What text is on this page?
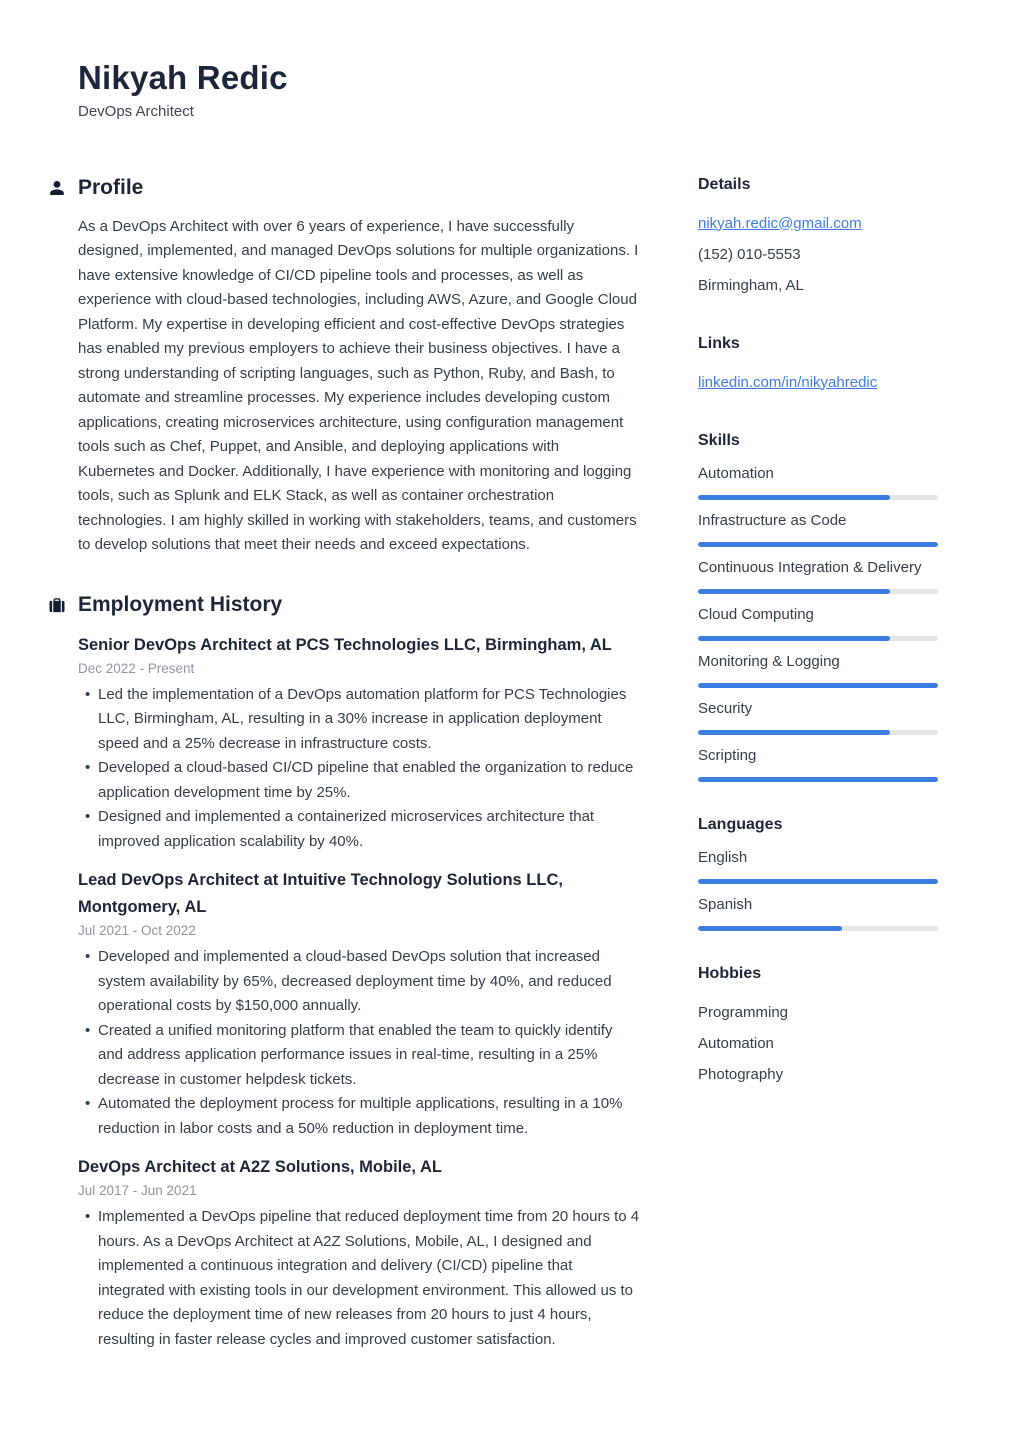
Nikyah Redic
DevOps Architect
Profile

As a DevOps Architect with over 6 years of experience, I have successfully designed, implemented, and managed DevOps solutions for multiple organizations. I have extensive knowledge of CI/CD pipeline tools and processes, as well as experience with cloud-based technologies, including AWS, Azure, and Google Cloud Platform. My expertise in developing efficient and cost-effective DevOps strategies has enabled my previous employers to achieve their business objectives. I have a strong understanding of scripting languages, such as Python, Ruby, and Bash, to automate and streamline processes. My experience includes developing custom applications, creating microservices architecture, using configuration management tools such as Chef, Puppet, and Ansible, and deploying applications with Kubernetes and Docker. Additionally, I have experience with monitoring and logging tools, such as Splunk and ELK Stack, as well as container orchestration technologies. I am highly skilled in working with stakeholders, teams, and customers to develop solutions that meet their needs and exceed expectations.

Employment History
Senior DevOps Architect at PCS Technologies LLC, Birmingham, AL
Dec 2022 - Present
• Led the implementation of a DevOps automation platform for PCS Technologies LLC, Birmingham, AL, resulting in a 30% increase in application deployment speed and a 25% decrease in infrastructure costs.
• Developed a cloud-based CI/CD pipeline that enabled the organization to reduce application development time by 25%.
• Designed and implemented a containerized microservices architecture that improved application scalability by 40%.
Lead DevOps Architect at Intuitive Technology Solutions LLC, Montgomery, AL
Jul 2021 - Oct 2022
• Developed and implemented a cloud-based DevOps solution that increased system availability by 65%, decreased deployment time by 40%, and reduced operational costs by $150,000 annually.
• Created a unified monitoring platform that enabled the team to quickly identify and address application performance issues in real-time, resulting in a 25% decrease in customer helpdesk tickets.
• Automated the deployment process for multiple applications, resulting in a 10% reduction in labor costs and a 50% reduction in deployment time.
DevOps Architect at A2Z Solutions, Mobile, AL
Jul 2017 - Jun 2021
• Implemented a DevOps pipeline that reduced deployment time from 20 hours to 4 hours. As a DevOps Architect at A2Z Solutions, Mobile, AL, I designed and implemented a continuous integration and delivery (CI/CD) pipeline that integrated with existing tools in our development environment. This allowed us to reduce the deployment time of new releases from 20 hours to just 4 hours, resulting in faster release cycles and improved customer satisfaction.
Details
nikyah.redic@gmail.com
(152) 010-5553
Birmingham, AL
Links
linkedin.com/in/nikyahredic
Skills
Automation
Infrastructure as Code
Continuous Integration & Delivery
Cloud Computing
Monitoring & Logging
Security
Scripting
Languages
English
Spanish
Hobbies
Programming
Automation
Photography
